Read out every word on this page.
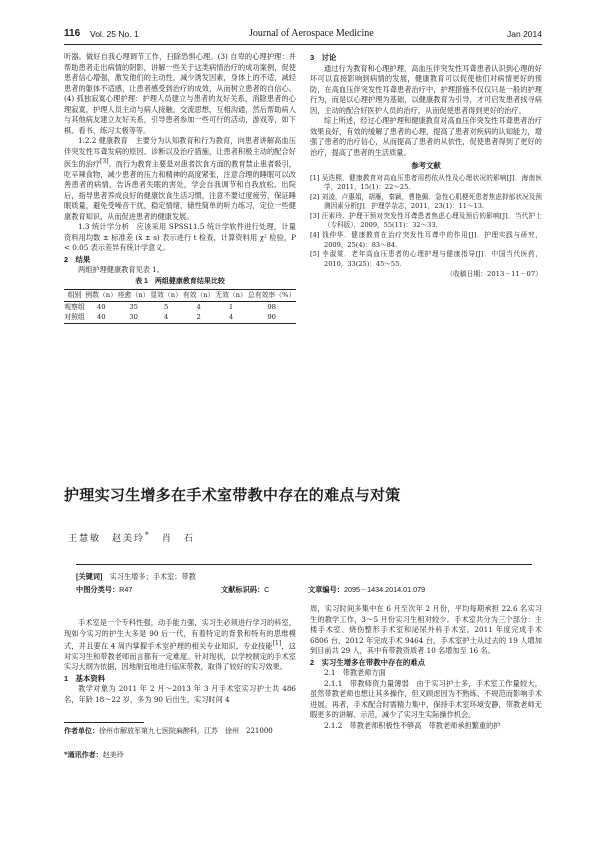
116 Vol. 25 No. 1	Journal of Aerospace Medicine	Jan 2014

听器。做好自我心理调节工作，扫除恐惧心理。(3) 自卑的心理护理：并帮助患者走出病情的阴影，讲解一些关于这类病情治疗的成功案例，促使患者信心增强，激发他们的主动性。减少诱发因素，身体上的不适，减轻患者的躯体不适感，让患者感受到治疗的成效，从而树立患者的自信心。(4) 孤独寂寞心理护理：护理人员建立与患者的友好关系，消除患者的心理寂寞，护理人员主动与病人接触，交流思想，互相沟通，然后帮助病人与其他病友建立友好关系，引导患者参加一些可行的活动，游戏等，如下棋、看书、练习太极等等。

1.2.2 健康教育　 主要分为认知教育和行为教育，向患者讲解高血压伴突发性耳聋发病的原因、诊断以及治疗措施，让患者积极主动的配合好医生的治疗[3]。而行为教育主要是对患者饮食方面的教育禁止患者吸引，吃辛辣食物，减少患者的压力和精神的高度紧张，注意合理的睡眠可以改善患者的病情，告诉患者失眠的害处，学会自我调节和自我放松。出院后，指导患者养成良好的健康饮食生活习惯，注意不要过度疲劳，保证睡眠质量，避免受噪音干扰，稳定情绪，储性简单的听力练习，定位一些健康教育知识，从而促进患者的健康发展。

1.3 统计学分析　 应该采用 SPSS11.5 统计学软件进行处理，计量资料用均数 ± 标准差 (x̄ ± s) 表示进行 t 检查，计算资料用 χ² 检验，P < 0.05 表示差异有统计学意义。

2　 结果

两组护理健康教育见表 1。

表 1　 两组健康教育结果比较
组别	例数（n）	痊愈（n）	显效（n）	有效（n）	无效（n）	总有效率（%）
观察组	40	35	5	4	1	98
对照组	40	30	4	2	4	90
3　 讨论

通过行为教育和心理护理，高血压伴突发性耳聋患者认识到心理的好坏可以直接影响到病情的发展，健康教育可以促使他们对病情更好的预防，在高血压伴突发性耳聋患者治疗中，护理措施不仅仅只是一般的护理行为，而是以心理护理为基础，以健康教育为引导，才可启发患者找寻病因，主动的配合好医护人员的治疗，从而促使患者得到更好的治疗。

综上所述，经过心理护理和健康教育对高血压伴突发性耳聋患者治疗效果良好，有效的缓解了患者的心理，提高了患者对疾病的认知能力，增强了患者的治疗信心，从而提高了患者的从依性，促使患者得到了更好的治疗，提高了患者的生活质量。

参考文献
[1] 吴迭熙．健康教育对高血压患者用药依从性及心理状况的影响[J]．海南医学，2011，15(1)：22～25.
[2] 刘凌，卢惠娟，胡雁，秦颖，曹艳佩．急性心肌梗死患者焦虑抑郁状况及预测因素分析[J]．护理学杂志，2011，23(1)：11～13.
[3] 汪素玲．护理干预对突发性耳聋患者焦虑心理及预后的影响[J]．当代护士（专科版），2009，55(11)：32～33.
[4] 钱仲华．健康教育在治疗突发性耳聋中的作用[J]．护理实践与研究，2009，25(4)：83～84.
[5] 李淑棠．老年高血压患者的心理护理与健康指导[J]．中国当代医药，2010，33(25)：45～55.
（收稿日期：2013－11－07）
护理实习生增多在手术室带教中存在的难点与对策
王慧敏　 赵美玲*　 肖　石
[关键词]　 实习生增多；手术室；带教
中图分类号：R47	文献标识码：C	文章编号：2095－1434.2014.01.079

手术室是一个专科性强，动手能力强，实习生必须进行学习的科室，现如今实习的护生大多是 90 后一代，有着特定的背景和特有的思维模式，并且要在 4 周内掌握手术室护理的相关专业知识，专业技能[1]，这对实习生和带教老师而言都有一定难度。针对现状，以学校制定的手术室实习大纲为依据，因地制宜地进行临床带教，取得了较好的实习效果。

1　 基本资料

教学对象为 2011 年 2 月～2013 年 3 月手术室实习护士共 486 名，年龄 18～22 岁，多为 90 后出生，实习时间 4

作者单位：徐州市解放军第九七医院麻醉科，江苏　徐州　221000
*通讯作者：赵美玲

周，实习时间多集中在 6 月至次年 2 月份，平均每期承担 22.6 名实习生的教学工作，3～5 月份实习生相对较少。手术室共分为三个部分：主楼手术室、烧伤整形手术室和泌尿外科手术室。2011 年度完成手术 6806 台，2012 年完成手术 9464 台，手术室护士从过去的 19 人增加到目前共 29 人，其中有带教资质者 10 名增加至 16 名。

2　 实习生增多在带教中存在的难点

2.1　 带教老师方面

2.1.1　 带教师资力量薄弱　 由于实习护士多，手术室工作量较大，虽然带教老师也想让其多操作，但又顾虑因为不熟练、不规范而影响手术进展。再者，手术配合时需精力集中，保持手术室环境安静，带教老师无暇更多的讲解、示范，减少了实习生实际操作机会。

2.1.2　 带教老师积极性不够高　 带教老师承担繁重的护
